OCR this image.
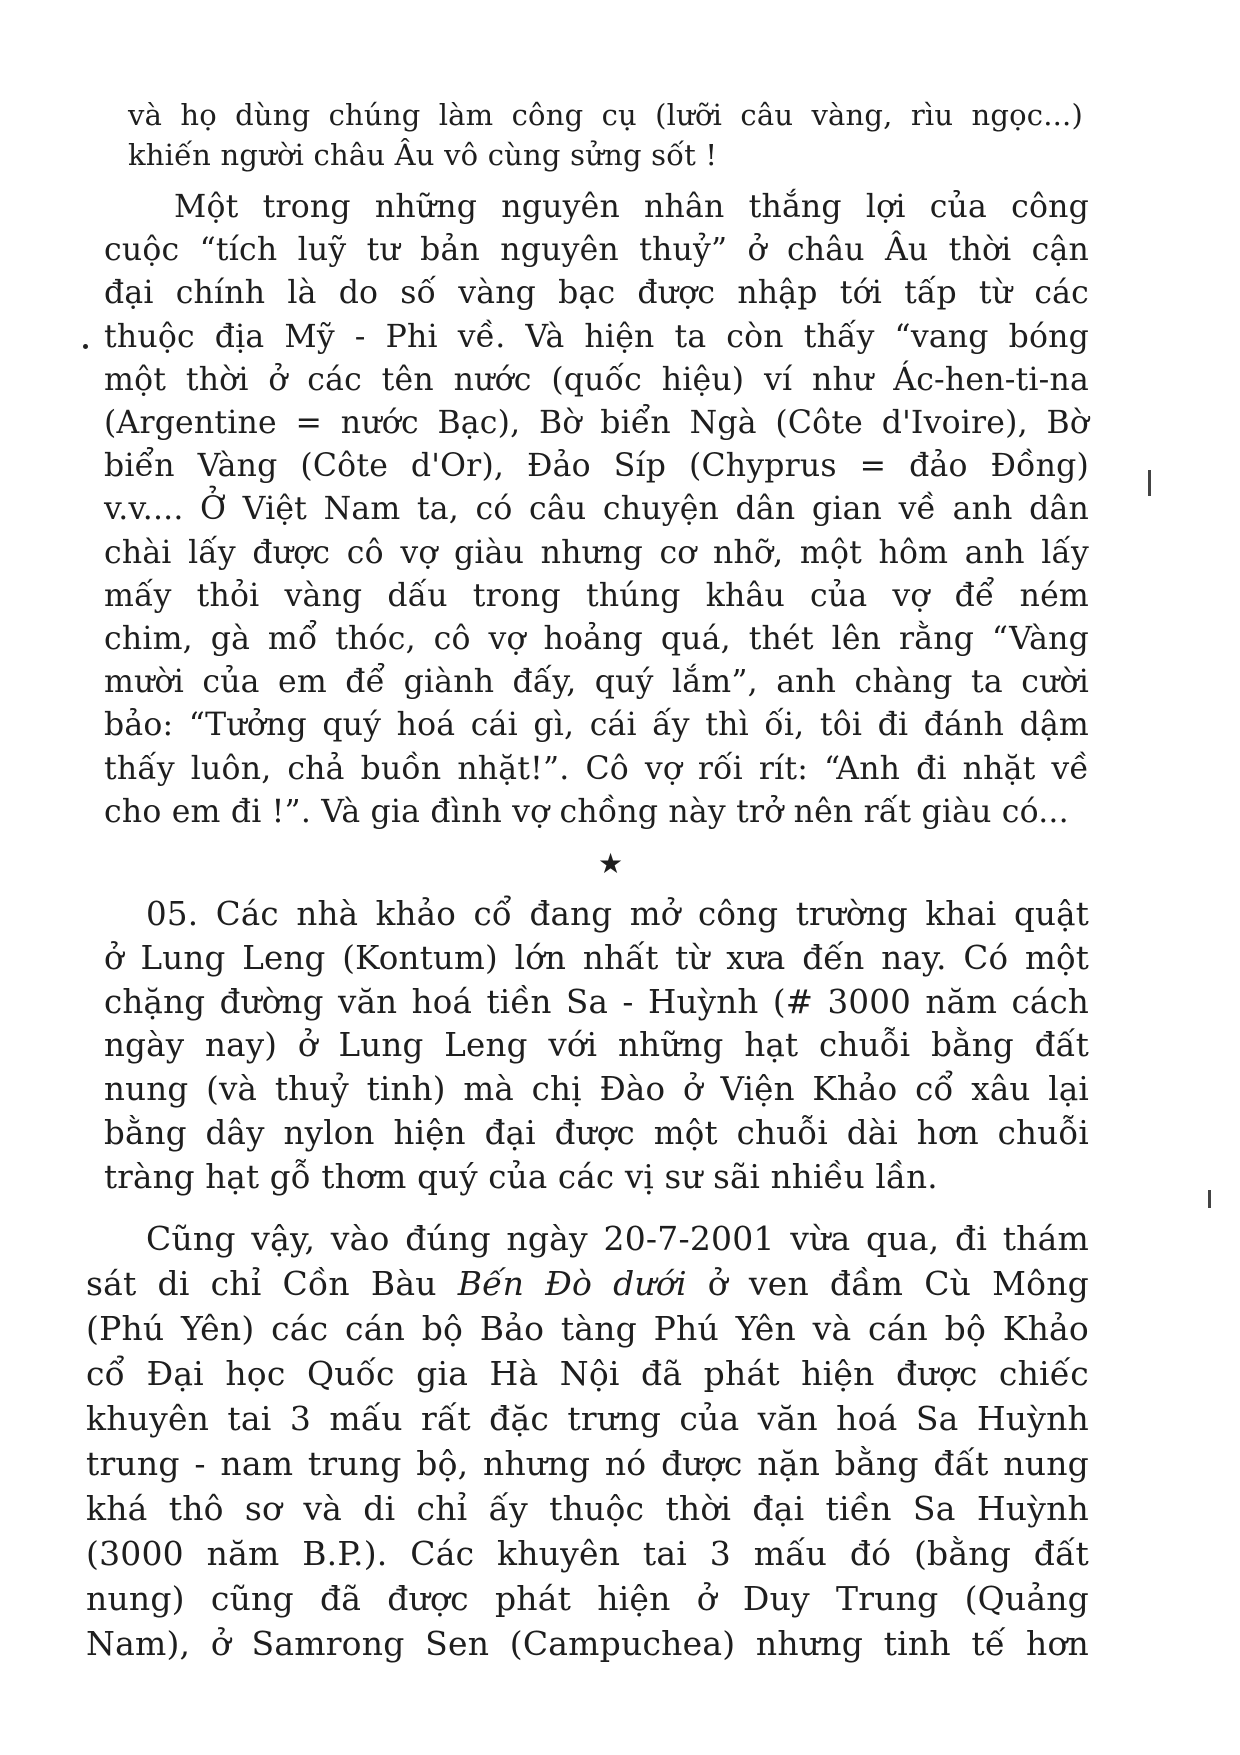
và họ dùng chúng làm công cụ (lưỡi câu vàng, rìu ngọc...)
khiến người châu Âu vô cùng sửng sốt !
Một trong những nguyên nhân thắng lợi của công
cuộc “tích luỹ tư bản nguyên thuỷ” ở châu Âu thời cận
đại chính là do số vàng bạc được nhập tới tấp từ các
thuộc địa Mỹ - Phi về. Và hiện ta còn thấy “vang bóng
một thời ở các tên nước (quốc hiệu) ví như Ác-hen-ti-na
(Argentine = nước Bạc), Bờ biển Ngà (Côte d'Ivoire), Bờ
biển Vàng (Côte d'Or), Đảo Síp (Chyprus = đảo Đồng)
v.v.... Ở Việt Nam ta, có câu chuyện dân gian về anh dân
chài lấy được cô vợ giàu nhưng cơ nhỡ, một hôm anh lấy
mấy thỏi vàng dấu trong thúng khâu của vợ để ném
chim, gà mổ thóc, cô vợ hoảng quá, thét lên rằng “Vàng
mười của em để giành đấy, quý lắm”, anh chàng ta cười
bảo: “Tưởng quý hoá cái gì, cái ấy thì ối, tôi đi đánh dậm
thấy luôn, chả buồn nhặt!”. Cô vợ rối rít: “Anh đi nhặt về
cho em đi !”. Và gia đình vợ chồng này trở nên rất giàu có...
★
05. Các nhà khảo cổ đang mở công trường khai quật
ở Lung Leng (Kontum) lớn nhất từ xưa đến nay. Có một
chặng đường văn hoá tiền Sa - Huỳnh (# 3000 năm cách
ngày nay) ở Lung Leng với những hạt chuỗi bằng đất
nung (và thuỷ tinh) mà chị Đào ở Viện Khảo cổ xâu lại
bằng dây nylon hiện đại được một chuỗi dài hơn chuỗi
tràng hạt gỗ thơm quý của các vị sư sãi nhiều lần.
Cũng vậy, vào đúng ngày 20-7-2001 vừa qua, đi thám
sát di chỉ Cồn Bàu Bến Đò dưới ở ven đầm Cù Mông
(Phú Yên) các cán bộ Bảo tàng Phú Yên và cán bộ Khảo
cổ Đại học Quốc gia Hà Nội đã phát hiện được chiếc
khuyên tai 3 mấu rất đặc trưng của văn hoá Sa Huỳnh
trung - nam trung bộ, nhưng nó được nặn bằng đất nung
khá thô sơ và di chỉ ấy thuộc thời đại tiền Sa Huỳnh
(3000 năm B.P.). Các khuyên tai 3 mấu đó (bằng đất
nung) cũng đã được phát hiện ở Duy Trung (Quảng
Nam), ở Samrong Sen (Campuchea) nhưng tinh tế hơn
